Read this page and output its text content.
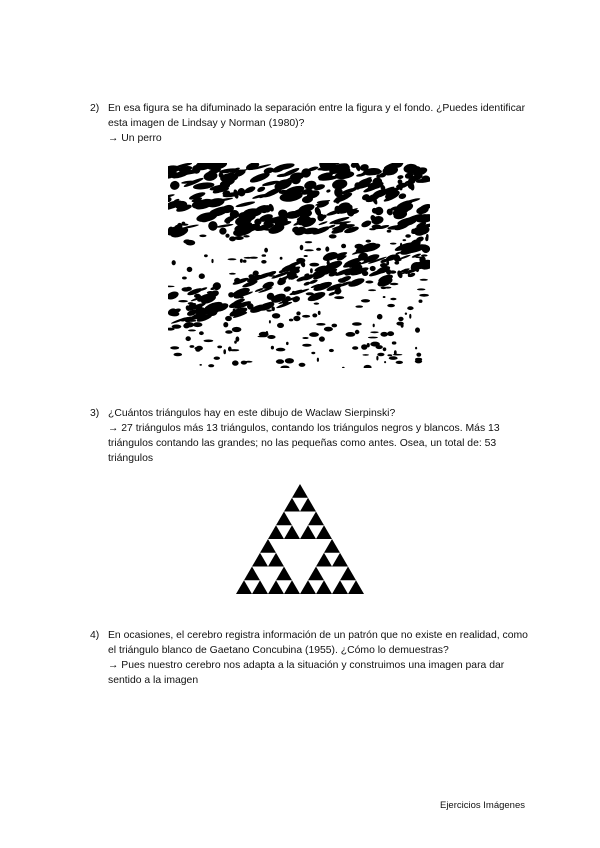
2) En esa figura se ha difuminado la separación entre la figura y el fondo. ¿Puedes identificar esta imagen de Lindsay y Norman (1980)?

→ Un perro
3) ¿Cuántos triángulos hay en este dibujo de Waclaw Sierpinski?

→ 27 triángulos más 13 triángulos, contando los triángulos negros y blancos. Más 13 triángulos contando las grandes; no las pequeñas como antes. Osea, un total de: 53 triángulos
4) En ocasiones, el cerebro registra información de un patrón que no existe en realidad, como el triángulo blanco de Gaetano Concubina (1955). ¿Cómo lo demuestras?

→ Pues nuestro cerebro nos adapta a la situación y construimos una imagen para dar sentido a la imagen
Ejercicios Imágenes
